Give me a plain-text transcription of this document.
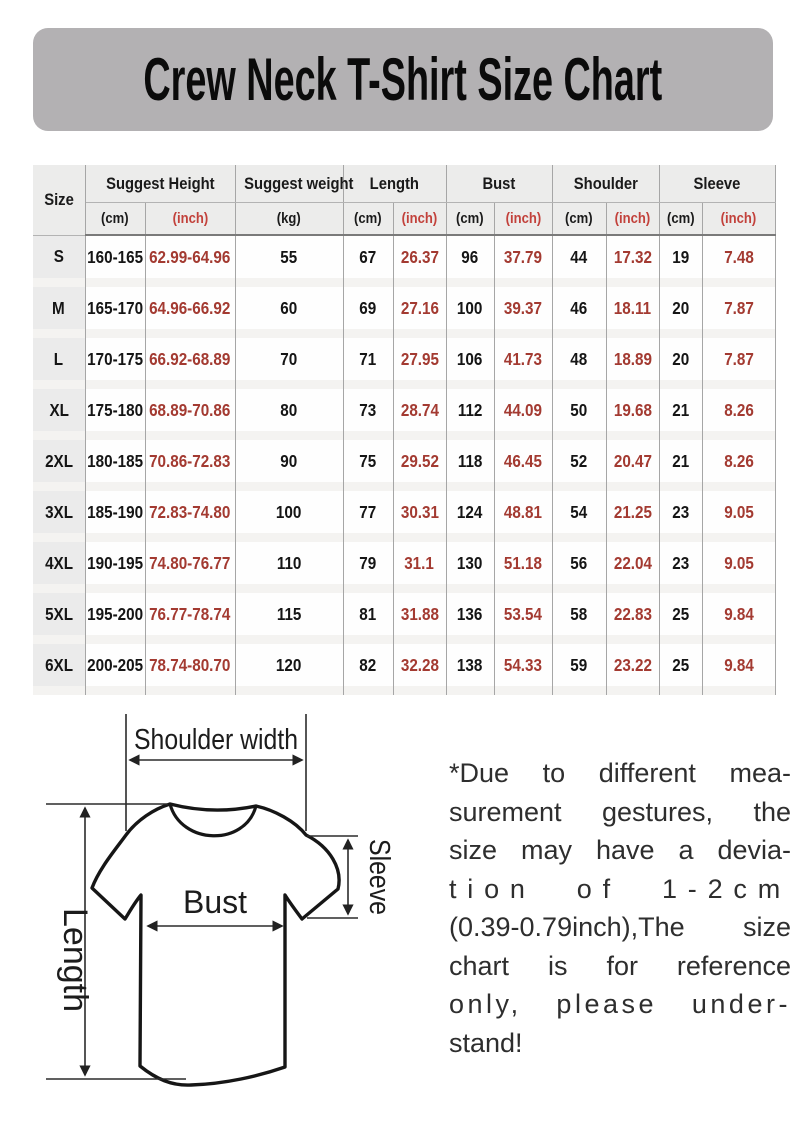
Crew Neck T-Shirt Size Chart
Size	Suggest Height		Suggest weight	Length		Bust		Shoulder		Sleeve	
	(cm)	(inch)	(kg)	(cm)	(inch)	(cm)	(inch)	(cm)	(inch)	(cm)	(inch)

S	160-165	62.99-64.96	55	67	26.37	96	37.79	44	17.32	19	7.48

M	165-170	64.96-66.92	60	69	27.16	100	39.37	46	18.11	20	7.87

L	170-175	66.92-68.89	70	71	27.95	106	41.73	48	18.89	20	7.87

XL	175-180	68.89-70.86	80	73	28.74	112	44.09	50	19.68	21	8.26

2XL	180-185	70.86-72.83	90	75	29.52	118	46.45	52	20.47	21	8.26

3XL	185-190	72.83-74.80	100	77	30.31	124	48.81	54	21.25	23	9.05

4XL	190-195	74.80-76.77	110	79	31.1	130	51.18	56	22.04	23	9.05

5XL	195-200	76.77-78.74	115	81	31.88	136	53.54	58	22.83	25	9.84

6XL	200-205	78.74-80.70	120	82	32.28	138	54.33	59	23.22	25	9.84
Shoulder width
Length
Sleeve
Bust
*Due to different mea-
surement gestures, the
size may have a devia-
tion of 1-2cm
(0.39-0.79inch),The size
chart is for reference
only, please under-
stand!
